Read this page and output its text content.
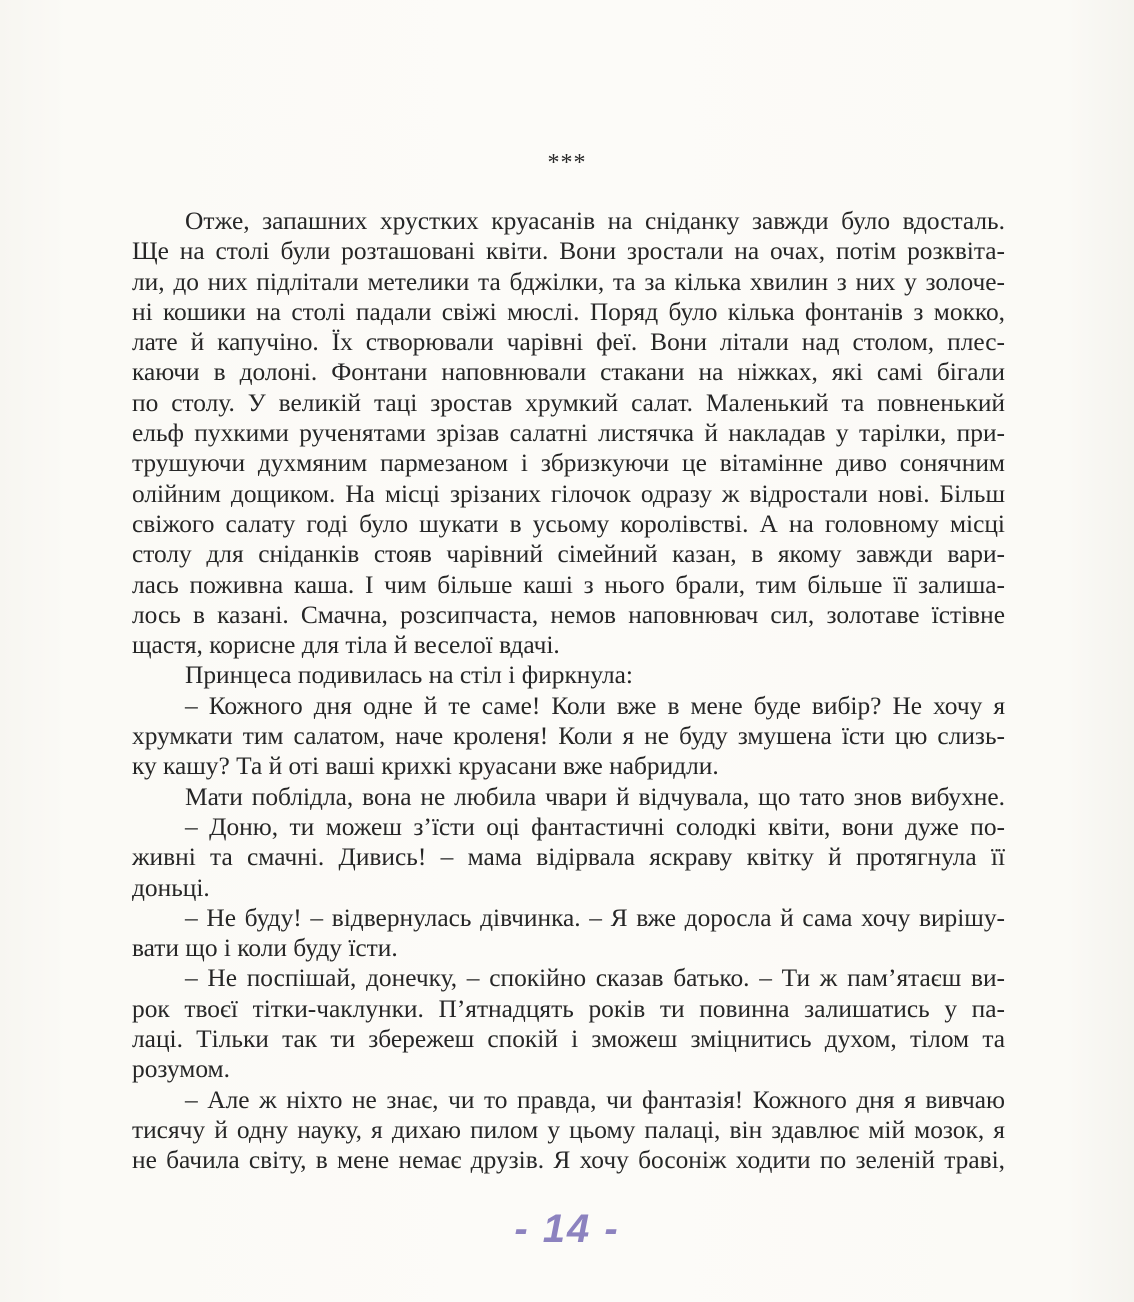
***
Отже, запашних хрустких круасанів на сніданку завжди було вдосталь.
Ще на столі були розташовані квіти. Вони зростали на очах, потім розквіта-
ли, до них підлітали метелики та бджілки, та за кілька хвилин з них у золоче-
ні кошики на столі падали свіжі мюслі. Поряд було кілька фонтанів з мокко,
лате й капучіно. Їх створювали чарівні феї. Вони літали над столом, плес-
каючи в долоні. Фонтани наповнювали стакани на ніжках, які самі бігали
по столу. У великій таці зростав хрумкий салат. Маленький та повненький
ельф пухкими рученятами зрізав салатні листячка й накладав у тарілки, при-
трушуючи духмяним пармезаном і збризкуючи це вітамінне диво сонячним
олійним дощиком. На місці зрізаних гілочок одразу ж відростали нові. Більш
свіжого салату годі було шукати в усьому королівстві. А на головному місці
столу для сніданків стояв чарівний сімейний казан, в якому завжди вари-
лась поживна каша. І чим більше каші з нього брали, тим більше її залиша-
лось в казані. Смачна, розсипчаста, немов наповнювач сил, золотаве їстівне
щастя, корисне для тіла й веселої вдачі.
Принцеса подивилась на стіл і фиркнула:
– Кожного дня одне й те саме! Коли вже в мене буде вибір? Не хочу я
хрумкати тим салатом, наче кроленя! Коли я не буду змушена їсти цю слизь-
ку кашу? Та й оті ваші крихкі круасани вже набридли.
Мати поблідла, вона не любила чвари й відчувала, що тато знов вибухне.
– Доню, ти можеш з’їсти оці фантастичні солодкі квіти, вони дуже по-
живні та смачні. Дивись! – мама відірвала яскраву квітку й протягнула її
доньці.
– Не буду! – відвернулась дівчинка. – Я вже доросла й сама хочу вирішу-
вати що і коли буду їсти.
– Не поспішай, донечку, – спокійно сказав батько. – Ти ж пам’ятаєш ви-
рок твоєї тітки-чаклунки. П’ятнадцять років ти повинна залишатись у па-
лаці. Тільки так ти збережеш спокій і зможеш зміцнитись духом, тілом та
розумом.
– Але ж ніхто не знає, чи то правда, чи фантазія! Кожного дня я вивчаю
тисячу й одну науку, я дихаю пилом у цьому палаці, він здавлює мій мозок, я
не бачила світу, в мене немає друзів. Я хочу босоніж ходити по зеленій траві,
- 14 -
